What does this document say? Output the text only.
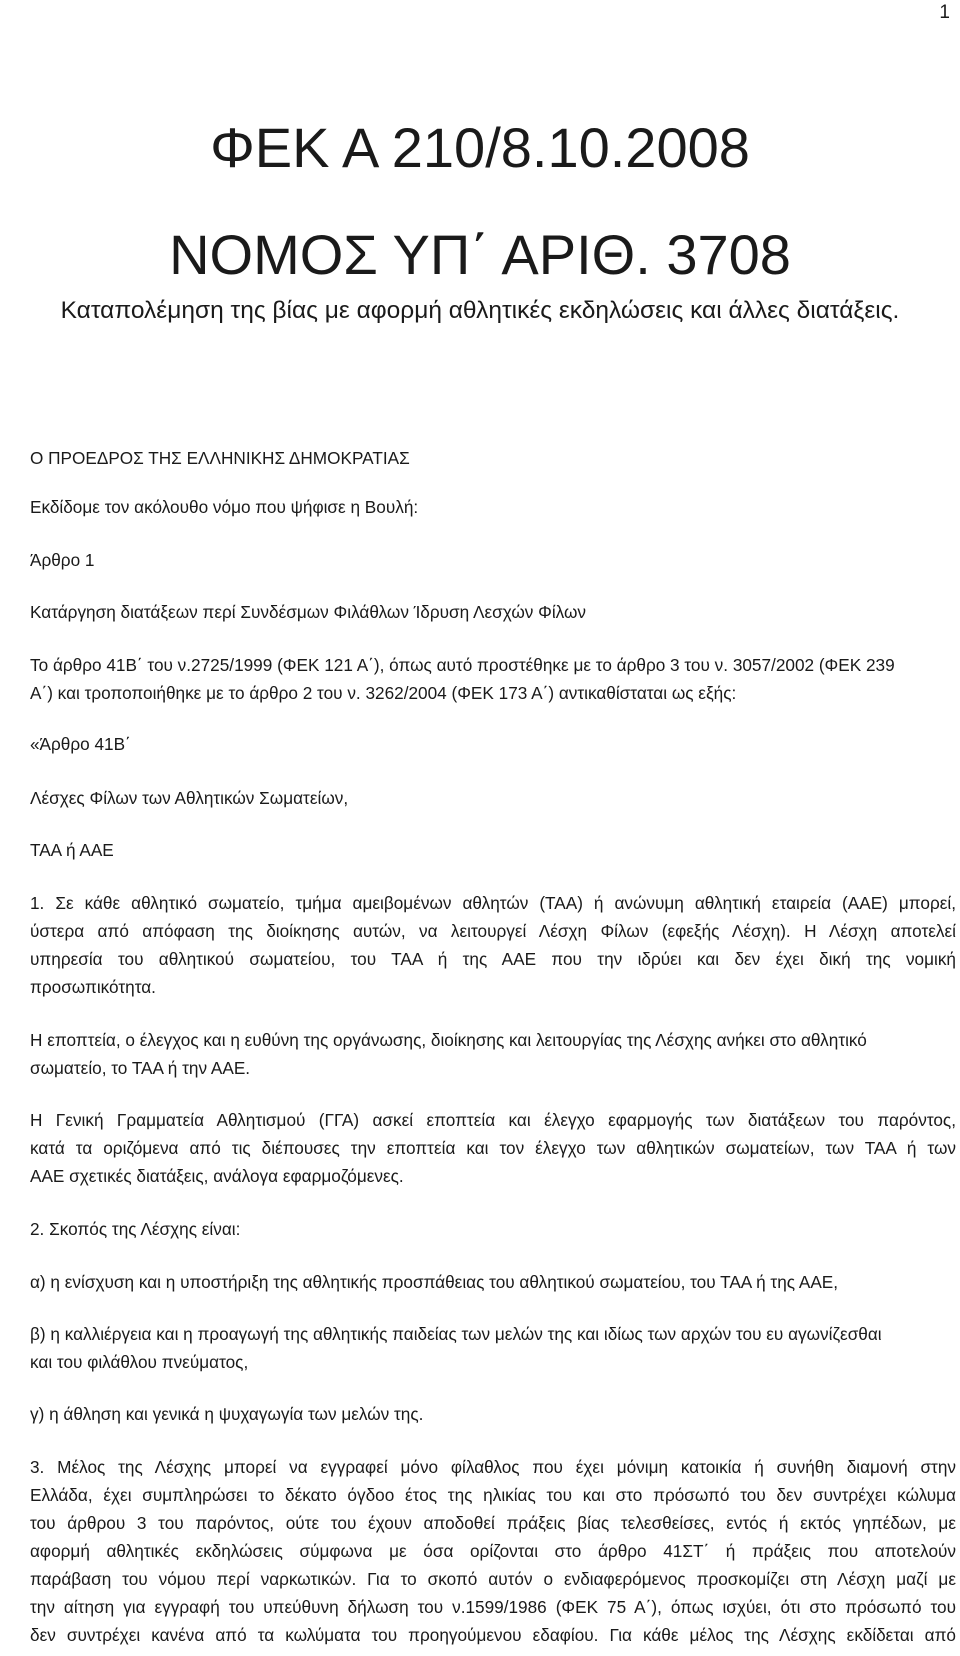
1
ΦΕΚ Α 210/8.10.2008
ΝΟΜΟΣ ΥΠ΄ ΑΡΙΘ. 3708
Καταπολέμηση της βίας με αφορμή αθλητικές εκδηλώσεις και άλλες διατάξεις.
Ο ΠΡΟΕΔΡΟΣ ΤΗΣ ΕΛΛΗΝΙΚΗΣ ΔΗΜΟΚΡΑΤΙΑΣ
Εκδίδομε τον ακόλουθο νόμο που ψήφισε η Βουλή:
Άρθρο 1
Κατάργηση διατάξεων περί Συνδέσμων Φιλάθλων Ίδρυση Λεσχών Φίλων
Το άρθρο 41Β΄ του ν.2725/1999 (ΦΕΚ 121 Α΄), όπως αυτό προστέθηκε με το άρθρο 3 του ν. 3057/2002 (ΦΕΚ 239
Α΄) και τροποποιήθηκε με το άρθρο 2 του ν. 3262/2004 (ΦΕΚ 173 Α΄) αντικαθίσταται ως εξής:
«Άρθρο 41Β΄
Λέσχες Φίλων των Αθλητικών Σωματείων,
ΤΑΑ ή ΑΑΕ
1. Σε κάθε αθλητικό σωματείο, τμήμα αμειβομένων αθλητών (ΤΑΑ) ή ανώνυμη αθλητική εταιρεία (ΑΑΕ) μπορεί,
ύστερα από απόφαση της διοίκησης αυτών, να λειτουργεί Λέσχη Φίλων (εφεξής Λέσχη). Η Λέσχη αποτελεί
υπηρεσία του αθλητικού σωματείου, του ΤΑΑ ή της ΑΑΕ που την ιδρύει και δεν έχει δική της νομική
προσωπικότητα.
Η εποπτεία, ο έλεγχος και η ευθύνη της οργάνωσης, διοίκησης και λειτουργίας της Λέσχης ανήκει στο αθλητικό
σωματείο, το ΤΑΑ ή την ΑΑΕ.
Η Γενική Γραμματεία Αθλητισμού (ΓΓΑ) ασκεί εποπτεία και έλεγχο εφαρμογής των διατάξεων του παρόντος,
κατά τα οριζόμενα από τις διέπουσες την εποπτεία και τον έλεγχο των αθλητικών σωματείων, των ΤΑΑ ή των
ΑΑΕ σχετικές διατάξεις, ανάλογα εφαρμοζόμενες.
2. Σκοπός της Λέσχης είναι:
α) η ενίσχυση και η υποστήριξη της αθλητικής προσπάθειας του αθλητικού σωματείου, του ΤΑΑ ή της ΑΑΕ,
β) η καλλιέργεια και η προαγωγή της αθλητικής παιδείας των μελών της και ιδίως των αρχών του ευ αγωνίζεσθαι
και του φιλάθλου πνεύματος,
γ) η άθληση και γενικά η ψυχαγωγία των μελών της.
3. Μέλος της Λέσχης μπορεί να εγγραφεί μόνο φίλαθλος που έχει μόνιμη κατοικία ή συνήθη διαμονή στην
Ελλάδα, έχει συμπληρώσει το δέκατο όγδοο έτος της ηλικίας του και στο πρόσωπό του δεν συντρέχει κώλυμα
του άρθρου 3 του παρόντος, ούτε του έχουν αποδοθεί πράξεις βίας τελεσθείσες, εντός ή εκτός γηπέδων, με
αφορμή αθλητικές εκδηλώσεις σύμφωνα με όσα ορίζονται στο άρθρο 41ΣΤ΄ ή πράξεις που αποτελούν
παράβαση του νόμου περί ναρκωτικών. Για το σκοπό αυτόν ο ενδιαφερόμενος προσκομίζει στη Λέσχη μαζί με
την αίτηση για εγγραφή του υπεύθυνη δήλωση του ν.1599/1986 (ΦΕΚ 75 Α΄), όπως ισχύει, ότι στο πρόσωπό του
δεν συντρέχει κανένα από τα κωλύματα του προηγούμενου εδαφίου. Για κάθε μέλος της Λέσχης εκδίδεται από
